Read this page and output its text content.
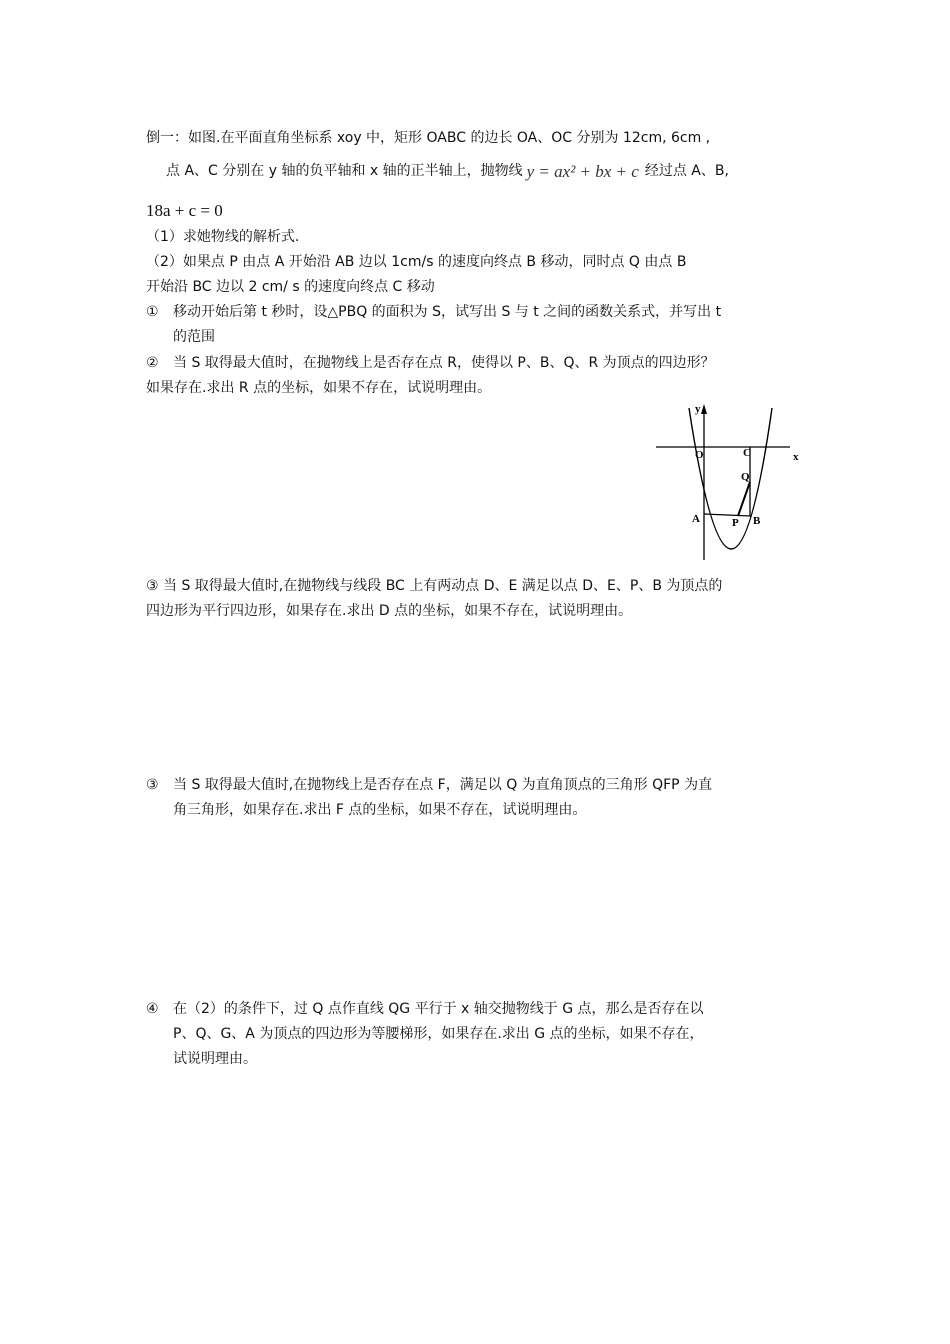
倒一：如图.在平面直角坐标系 xoy 中，矩形 OABC 的边长 OA、OC 分别为 12cm, 6cm ,
点 A、C 分别在 y 轴的负平轴和 x 轴的正半轴上，抛物线 y = ax² + bx + c 经过点 A、B,
18a + c = 0
（1）求她物线的解析式.
（2）如果点 P 由点 A 开始沿 AB 边以 1cm/s 的速度向终点 B 移动，同时点 Q 由点 B
开始沿 BC 边以 2 cm/ s 的速度向终点 C 移动
① 移动开始后第 t 秒时，设△PBQ 的面积为 S，试写出 S 与 t 之间的函数关系式，并写出 t
的范围
② 当 S 取得最大值时，在抛物线上是否存在点 R，使得以 P、B、Q、R 为顶点的四边形？
如果存在.求出 R 点的坐标，如果不存在，试说明理由。
y
x
O	C
Q
A	P B
③ 当 S 取得最大值时,在抛物线与线段 BC 上有两动点 D、E 满足以点 D、E、P、B 为顶点的
四边形为平行四边形，如果存在.求出 D 点的坐标，如果不存在，试说明理由。
③ 当 S 取得最大值时,在抛物线上是否存在点 F，满足以 Q 为直角顶点的三角形 QFP 为直
角三角形，如果存在.求出 F 点的坐标，如果不存在，试说明理由。
④ 在（2）的条件下，过 Q 点作直线 QG 平行于 x 轴交抛物线于 G 点，那么是否存在以
P、Q、G、A 为顶点的四边形为等腰梯形，如果存在.求出 G 点的坐标，如果不存在，
试说明理由。
